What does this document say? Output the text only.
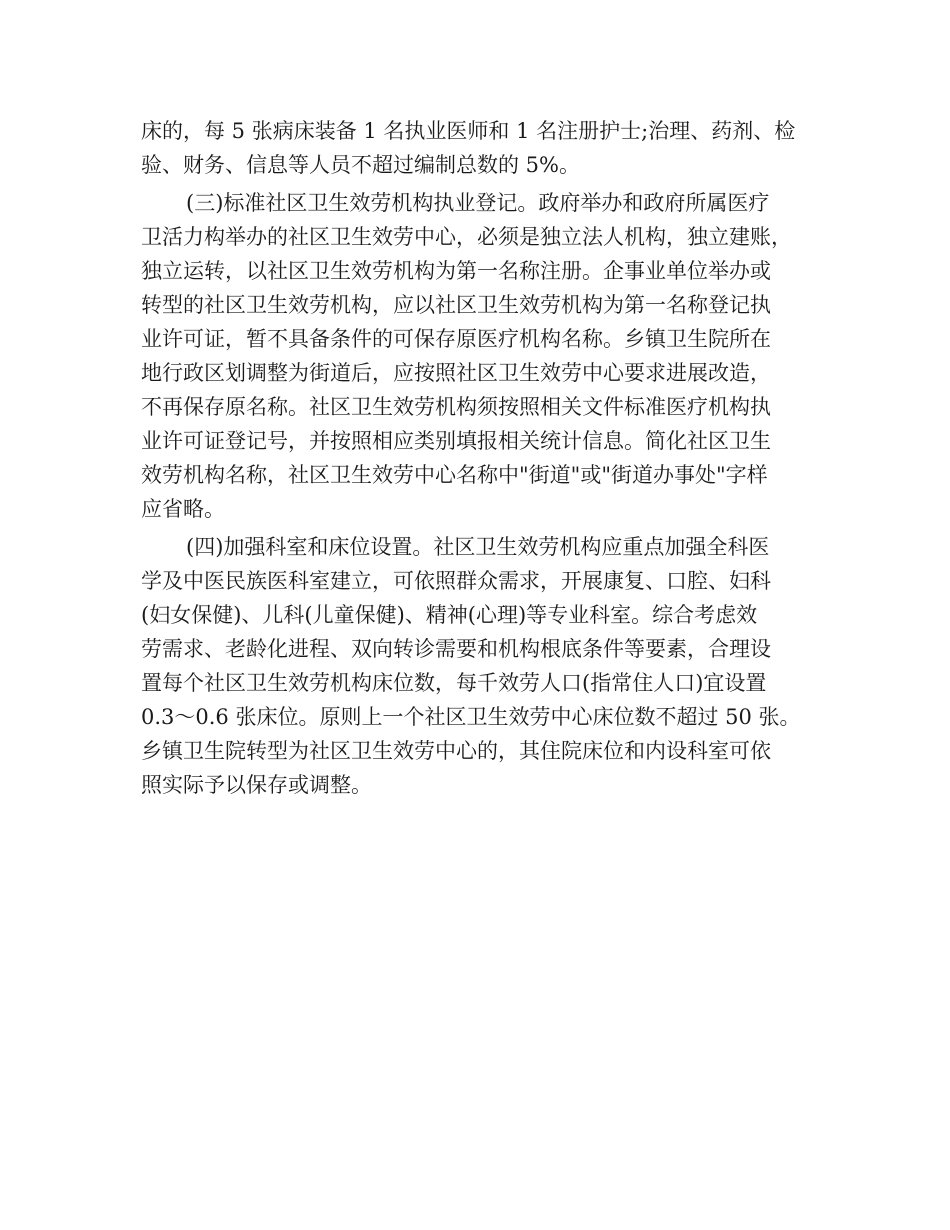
床的，每 5 张病床装备 1 名执业医师和 1 名注册护士;治理、药剂、检
验、财务、信息等人员不超过编制总数的 5%。
(三)标准社区卫生效劳机构执业登记。政府举办和政府所属医疗
卫活力构举办的社区卫生效劳中心，必须是独立法人机构，独立建账，
独立运转，以社区卫生效劳机构为第一名称注册。企事业单位举办或
转型的社区卫生效劳机构，应以社区卫生效劳机构为第一名称登记执
业许可证，暂不具备条件的可保存原医疗机构名称。乡镇卫生院所在
地行政区划调整为街道后，应按照社区卫生效劳中心要求进展改造，
不再保存原名称。社区卫生效劳机构须按照相关文件标准医疗机构执
业许可证登记号，并按照相应类别填报相关统计信息。简化社区卫生
效劳机构名称，社区卫生效劳中心名称中"街道"或"街道办事处"字样
应省略。
(四)加强科室和床位设置。社区卫生效劳机构应重点加强全科医
学及中医民族医科室建立，可依照群众需求，开展康复、口腔、妇科
(妇女保健)、儿科(儿童保健)、精神(心理)等专业科室。综合考虑效
劳需求、老龄化进程、双向转诊需要和机构根底条件等要素，合理设
置每个社区卫生效劳机构床位数，每千效劳人口(指常住人口)宜设置
0.3～0.6 张床位。原则上一个社区卫生效劳中心床位数不超过 50 张。
乡镇卫生院转型为社区卫生效劳中心的，其住院床位和内设科室可依
照实际予以保存或调整。
